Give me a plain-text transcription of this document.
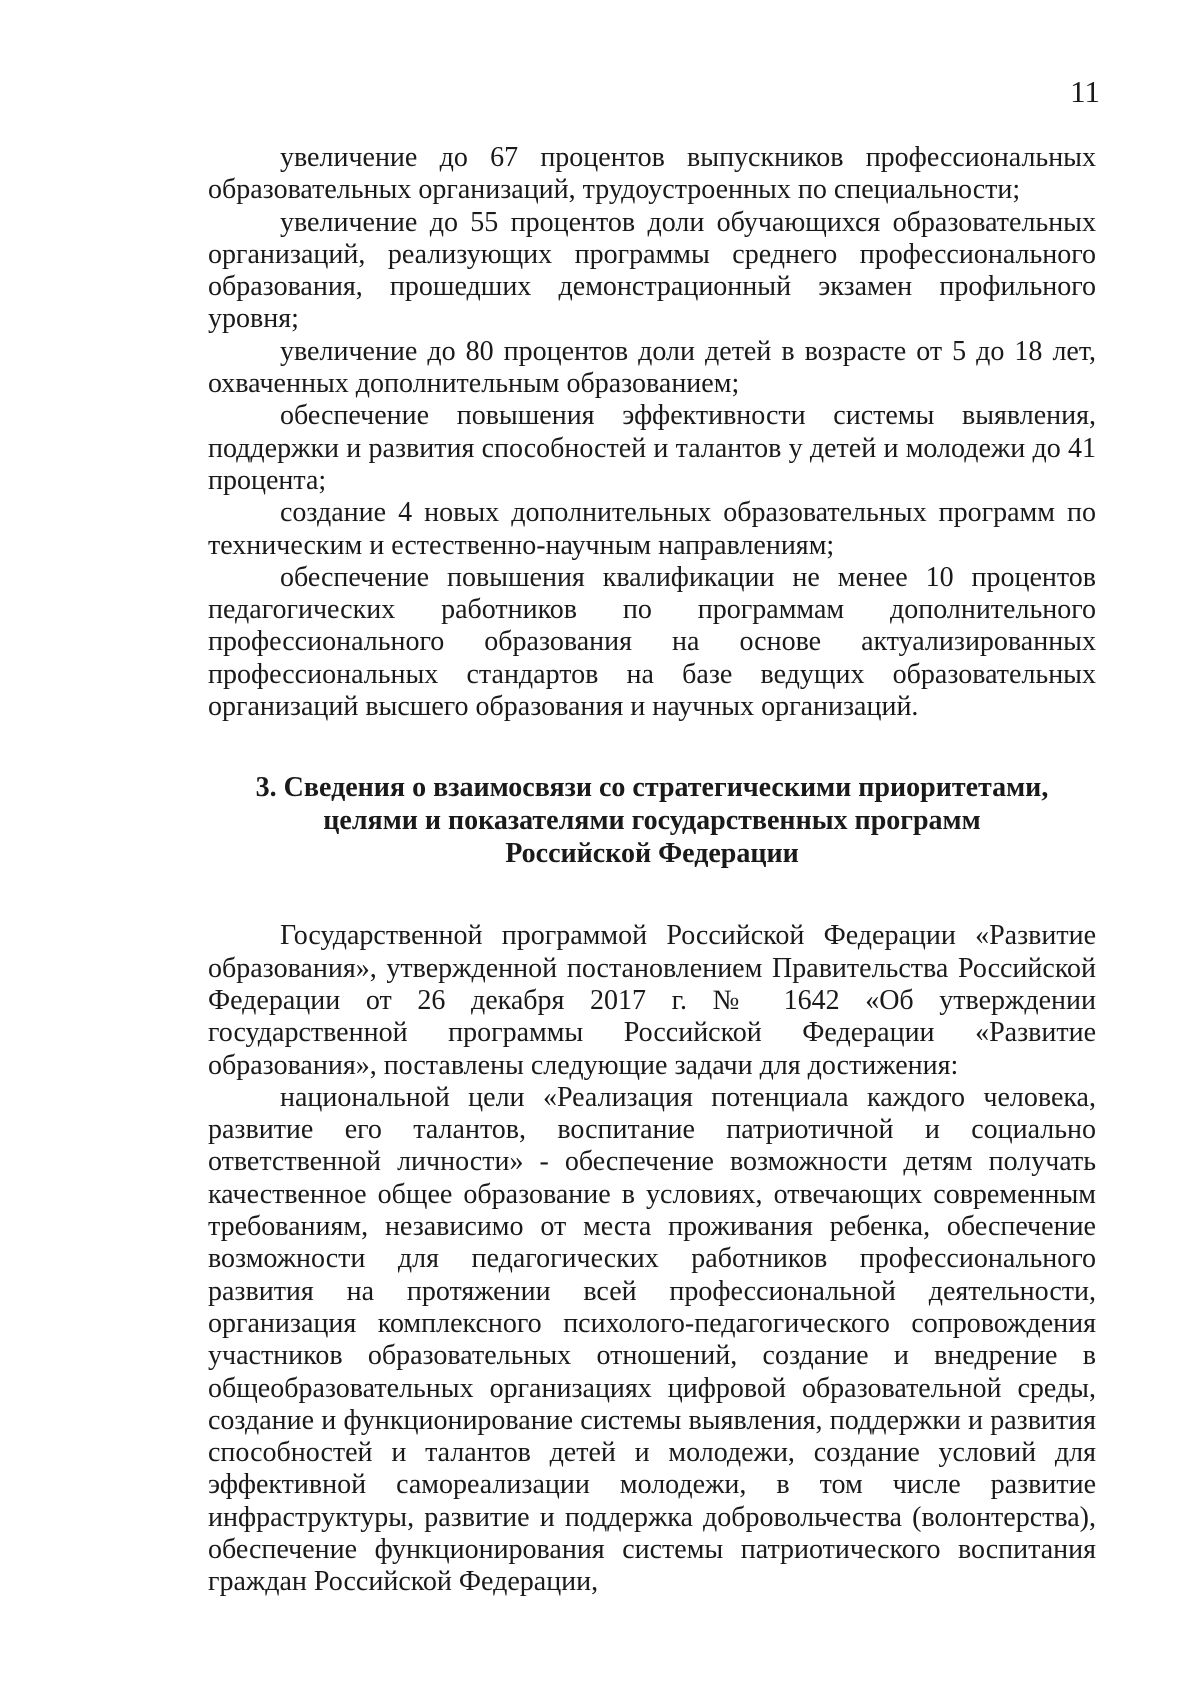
11

увеличение до 67 процентов выпускников профессиональных образовательных организаций, трудоустроенных по специальности;

увеличение до 55 процентов доли обучающихся образовательных организаций, реализующих программы среднего профессионального образования, прошедших демонстрационный экзамен профильного уровня;

увеличение до 80 процентов доли детей в возрасте от 5 до 18 лет, охваченных дополнительным образованием;

обеспечение повышения эффективности системы выявления, поддержки и развития способностей и талантов у детей и молодежи до 41 процента;

создание 4 новых дополнительных образовательных программ по техническим и естественно-научным направлениям;

обеспечение повышения квалификации не менее 10 процентов педагогических работников по программам дополнительного профессионального образования на основе актуализированных профессиональных стандартов на базе ведущих образовательных организаций высшего образования и научных организаций.

3. Сведения о взаимосвязи со стратегическими приоритетами,
целями и показателями государственных программ
Российской Федерации

Государственной программой Российской Федерации «Развитие образования», утвержденной постановлением Правительства Российской Федерации от 26 декабря 2017 г. № 1642 «Об утверждении государственной программы Российской Федерации «Развитие образования», поставлены следующие задачи для достижения:

национальной цели «Реализация потенциала каждого человека, развитие его талантов, воспитание патриотичной и социально ответственной личности» - обеспечение возможности детям получать качественное общее образование в условиях, отвечающих современным требованиям, независимо от места проживания ребенка, обеспечение возможности для педагогических работников профессионального развития на протяжении всей профессиональной деятельности, организация комплексного психолого-педагогического сопровождения участников образовательных отношений, создание и внедрение в общеобразовательных организациях цифровой образовательной среды, создание и функционирование системы выявления, поддержки и развития способностей и талантов детей и молодежи, создание условий для эффективной самореализации молодежи, в том числе развитие инфраструктуры, развитие и поддержка добровольчества (волонтерства), обеспечение функционирования системы патриотического воспитания граждан Российской Федерации,
